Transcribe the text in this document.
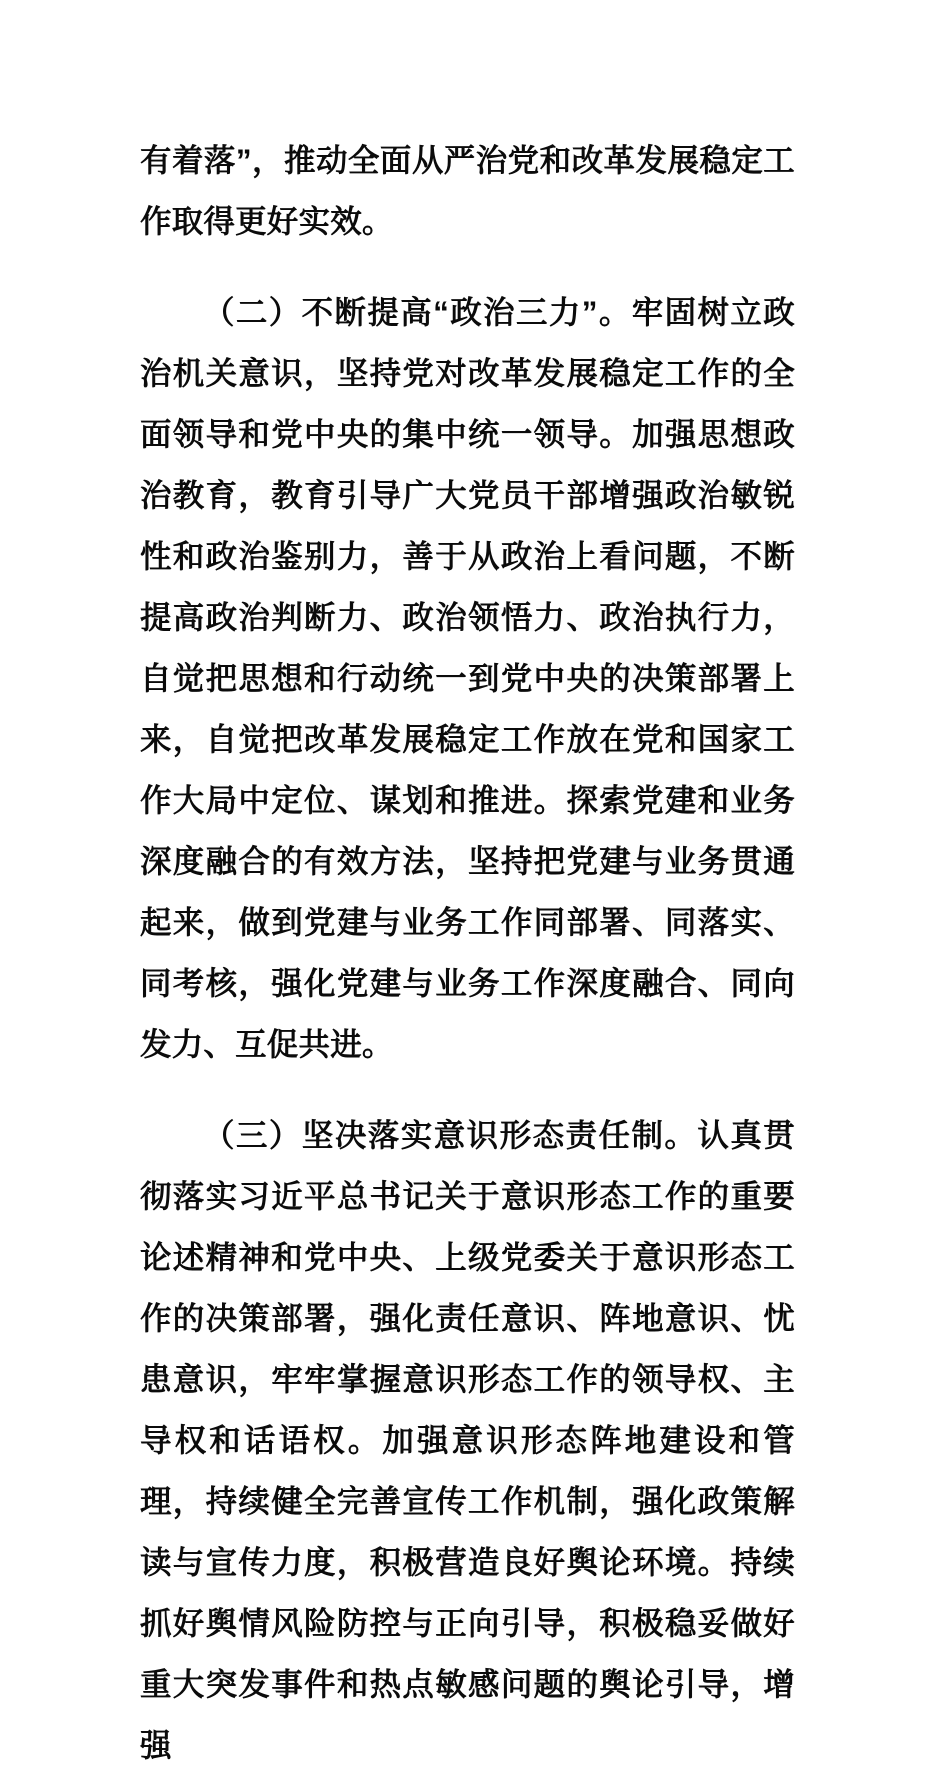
有着落”，推动全面从严治党和改革发展稳定工作取得更好实效。

（二）不断提高“政治三力”。牢固树立政治机关意识，坚持党对改革发展稳定工作的全面领导和党中央的集中统一领导。加强思想政治教育，教育引导广大党员干部增强政治敏锐性和政治鉴别力，善于从政治上看问题，不断提高政治判断力、政治领悟力、政治执行力，自觉把思想和行动统一到党中央的决策部署上来，自觉把改革发展稳定工作放在党和国家工作大局中定位、谋划和推进。探索党建和业务深度融合的有效方法，坚持把党建与业务贯通起来，做到党建与业务工作同部署、同落实、同考核，强化党建与业务工作深度融合、同向发力、互促共进。

（三）坚决落实意识形态责任制。认真贯彻落实习近平总书记关于意识形态工作的重要论述精神和党中央、上级党委关于意识形态工作的决策部署，强化责任意识、阵地意识、忧患意识，牢牢掌握意识形态工作的领导权、主导权和话语权。加强意识形态阵地建设和管理，持续健全完善宣传工作机制，强化政策解读与宣传力度，积极营造良好舆论环境。持续抓好舆情风险防控与正向引导，积极稳妥做好重大突发事件和热点敏感问题的舆论引导，增强
